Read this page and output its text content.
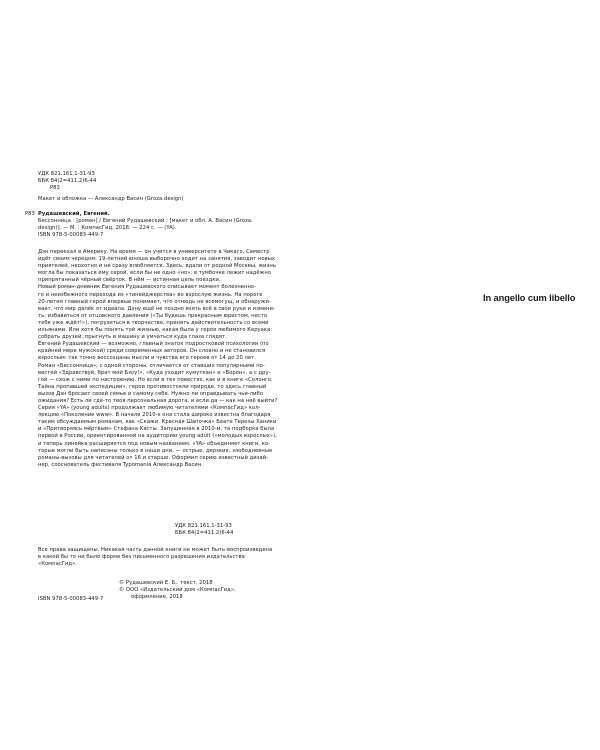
УДК 821.161.1-31-93
ББК 84(2=411.2)6-44
Р83
Макет и обложка — Александр Васин (Groza.design)
Р83 Рудашевский, Евгений.
Бессонница : [роман] / Евгений Рудашевский ; [макет и обл. А. Васин (Groza.
design)]. — М. : КомпасГид, 2018. — 224 с. — (YA).
ISBN 978-5-00083-449-7
Дэн переехал в Америку. На время — он учится в университете в Чикаго. Семестр
идёт своим чередом: 19-летний юноша выборочно ходит на занятия, заводит новых
приятелей, неохотно и не сразу влюбляется. Здесь, вдали от родной Москвы, жизнь
могла бы показаться ему серой, если бы не одно «но»: в тумбочке лежит надёжно
припрятанный чёрный свёрток. В нём — истинная цель поездки.
Новый роман-дневник Евгения Рудашевского описывает момент болезненно-
го и неизбежного перехода из «тинейджерства» во взрослую жизнь. На пороге
20-летия главный герой впервые понимает, что отнюдь не всемогущ, и обнаружи-
вает, что мир далёк от идеала. Дэну ещё не поздно взять всё в свои руки и измени-
ть: избавиться от отцовского давления («Ты будешь прекрасным юристом, несто
тебя уже ждёт!»), погрузиться в творчество, принять действительность со всеми
изъянами. Или хотя бы понять той жизнью, какая была у героя любимого Керуака:
собрать друзей, прыгнуть в машину и умчаться куда глаза глядят.
Евгений Рудашевский — возможно, главный знаток подростковой психологии (по
крайней мере мужской) среди современных авторов. Он словно и не становился
взрослым: так точно воссозданы мысли и чувства его героев от 14 до 20 лет.
Роман «Бессонница», с одной стороны, отличается от ставших популярными по-
вестей «Здравствуй, брат мой Бзоу!», «Куда уходит кумуткан» и «Ворон», а с дру-
гой — схож с ними по настроению. Но если в тех повестях, как и в книге «Солонго.
Тайна пропавшей экспедиции», герои противостояли природе, то здесь главный
вызов Дэн бросает своей семье и самому себе. Нужно ли оправдывать чьи-либо
ожидания? Есть ли где-то твоя персональная дорога, и если да — как на неё выйти?
Серия «YA» (young adults) продолжает любимую читателями «КомпасГид» кол-
лекцию «Поколение www». В начале 2010-х она стала широко известна благодаря
таким обсуждаемым романам, как «Скажи, Красная Шапочка» Беате Терезы Ханики
и «Притворяясь мёртвым» Стефана Касты. Запущенная в 2010-м, та подборка была
первой в России, ориентированной на аудиторию young adult («молодых взрослых»),
и теперь линейка расширяется под новым названием. «YA» объединяет книги, ко-
торые могли быть написаны только в наши дни, — острые, дерзкие, злободневные
романы-вызовы для читателей от 16 и старше. Оформил серию известный дизай-
нер, сооснователь фестиваля Typomania Александр Васин.
УДК 821.161.1-31-93
ББК 84(2=411.2)6-44
Все права защищены. Никакая часть данной книги не может быть воспроизведена
в какой бы то ни было форме без письменного разрешения издательства
«КомпасГид».
© Рудашевский Е. Б., текст, 2018
© ООО «Издательский дом «КомпасГид»,
оформление, 2018
ISBN 978-5-00083-449-7
In angello cum libello
